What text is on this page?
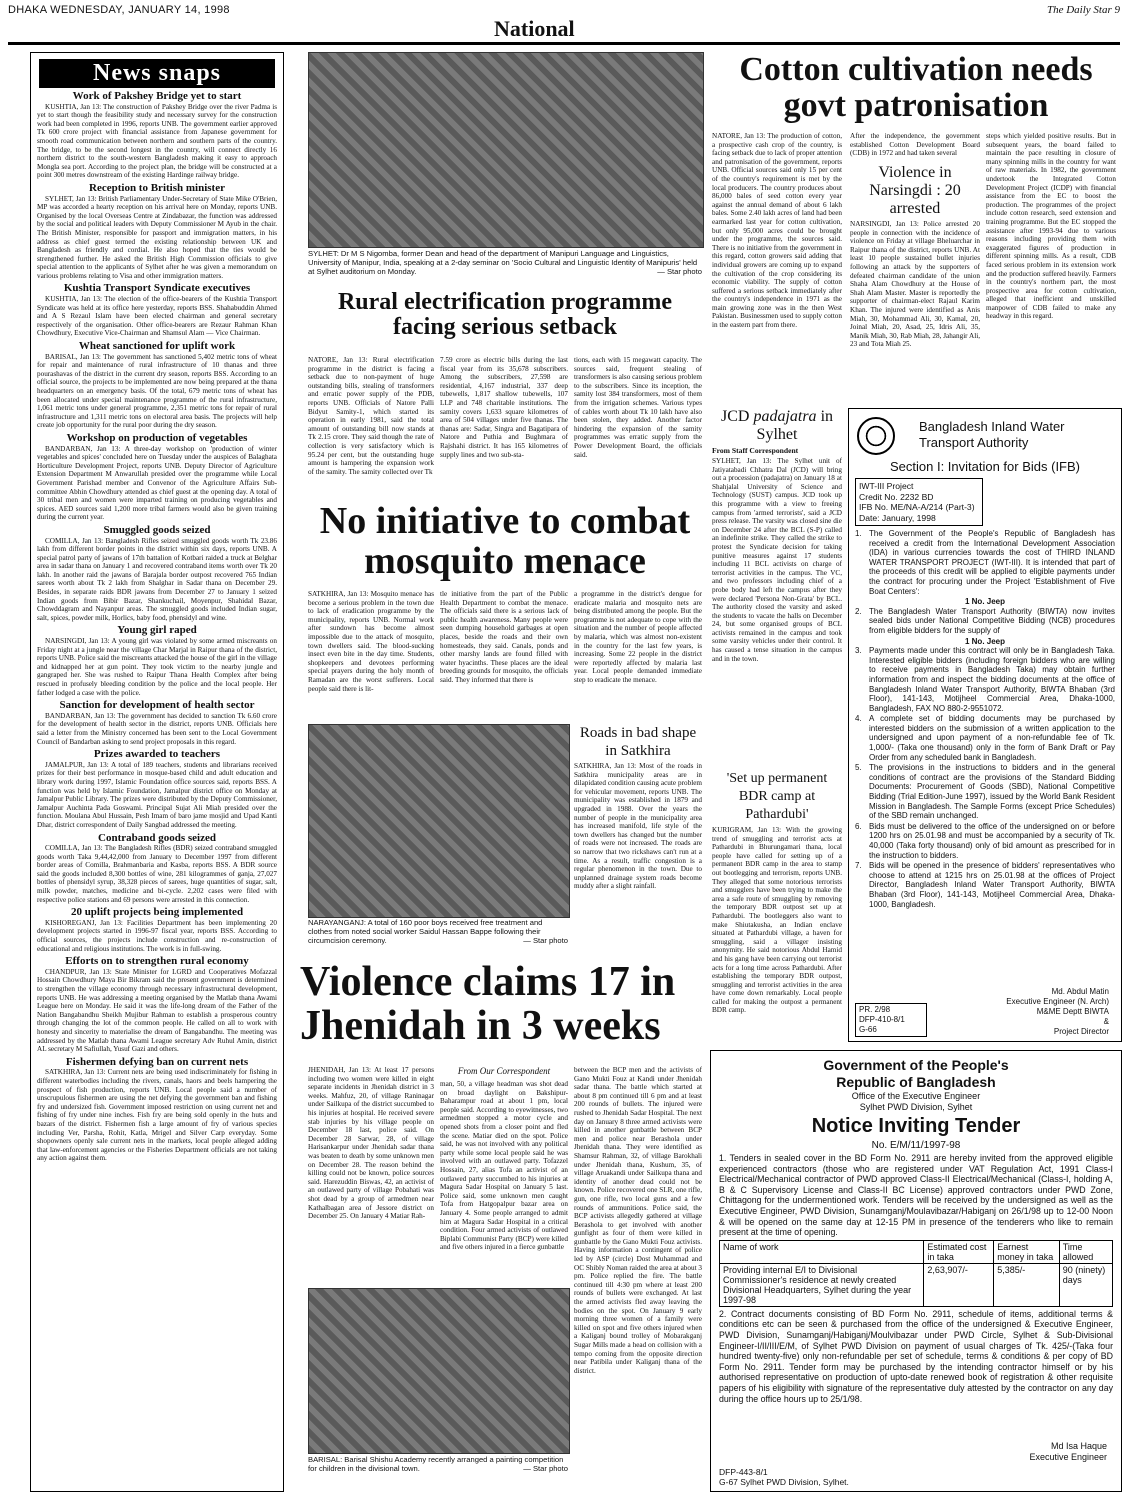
DHAKA WEDNESDAY, JANUARY 14, 1998
National
The Daily Star 9
News snaps
Work of Pakshey Bridge yet to start

KUSHTIA, Jan 13: The construction of Pakshey Bridge over the river Padma is yet to start though the feasibility study and necessary survey for the construction work had been completed in 1996, reports UNB. The government earlier approved Tk 600 crore project with financial assistance from Japanese government for smooth road communication between northern and southern parts of the country. The bridge, to be the second longest in the country, will connect directly 16 northern district to the south-western Bangladesh making it easy to approach Mongla sea port. According to the project plan, the bridge will be constructed at a point 300 metres downstream of the existing Hardinge railway bridge.

Reception to British minister

SYLHET, Jan 13: British Parliamentary Under-Secretary of State Mike O'Brien, MP was accorded a hearty reception on his arrival here on Monday, reports UNB. Organised by the local Overseas Centre at Zindabazar, the function was addressed by the social and political leaders with Deputy Commissioner M Ayub in the chair. The British Minister, responsible for passport and immigration matters, in his address as chief guest termed the existing relationship between UK and Bangladesh as friendly and cordial. He also hoped that the ties would be strengthened further. He asked the British High Commission officials to give special attention to the applicants of Sylhet after he was given a memorandum on various problems relating to Visa and other immigration matters.

Kushtia Transport Syndicate executives

KUSHTIA, Jan 13: The election of the office-bearers of the Kushtia Transport Syndicate was held at its office here yesterday, reports BSS. Shahabuddin Ahmed and A S Rezaul Islam have been elected chairman and general secretary respectively of the organisation. Other office-bearers are Rezaur Rahman Khan Chowdhury, Executive Vice-Chairman and Shamsul Alam — Vice Chairman.

Wheat sanctioned for uplift work

BARISAL, Jan 13: The government has sanctioned 5,402 metric tons of wheat for repair and maintenance of rural infrastructure of 10 thanas and three pourashavas of the district in the current dry season, reports BSS. According to an official source, the projects to be implemented are now being prepared at the thana headquarters on an emergency basis. Of the total, 679 metric tons of wheat has been allocated under special maintenance programme of the rural infrastructure, 1,061 metric tons under general programme, 2,351 metric tons for repair of rural infrastructure and 1,311 metric tons on electoral area basis. The projects will help create job opportunity for the rural poor during the dry season.

Workshop on production of vegetables

BANDARBAN, Jan 13: A three-day workshop on 'production of winter vegetables and spices' concluded here on Tuesday under the auspices of Balaghata Horticulture Development Project, reports UNB. Deputy Director of Agriculture Extension Department M Anwarullah presided over the programme while Local Government Parishad member and Convenor of the Agriculture Affairs Sub-committee Abhin Chowdhury attended as chief guest at the opening day. A total of 30 tribal men and women were imparted training on producing vegetables and spices. AED sources said 1,200 more tribal farmers would also be given training during the current year.

Smuggled goods seized

COMILLA, Jan 13: Bangladesh Rifles seized smuggled goods worth Tk 23.86 lakh from different border points in the district within six days, reports UNB. A special patrol party of jawans of 17th battalion of Kotbari raided a truck at Belghar area in sadar thana on January 1 and recovered contraband items worth over Tk 20 lakh. In another raid the jawans of Barajala border outpost recovered 765 Indian sarees worth about Tk 2 lakh from Shalghar in Sadar thana on December 29. Besides, in separate raids BDR jawans from December 27 to January 1 seized Indian goods from Bibir Bazar, Shankuchail, Moyenpur, Shahidal Bazar, Chowddagram and Nayanpur areas. The smuggled goods included Indian sugar, salt, spices, powder milk, Horlics, baby food, phensidyl and wine.

Young girl raped

NARSINGDI, Jan 13: A young girl was violated by some armed miscreants on Friday night at a jungle near the village Char Marjal in Raipur thana of the district, reports UNB. Police said the miscreants attacked the house of the girl in the village and kidnapped her at gun point. They took victim to the nearby jungle and gangraped her. She was rushed to Raipur Thana Health Complex after being rescued in profusely bleeding condition by the police and the local people. Her father lodged a case with the police.

Sanction for development of health sector

BANDARBAN, Jan 13: The government has decided to sanction Tk 6.60 crore for the development of health sector in the district, reports UNB. Officials here said a letter from the Ministry concerned has been sent to the Local Government Council of Bandarban asking to send project proposals in this regard.

Prizes awarded to teachers

JAMALPUR, Jan 13: A total of 189 teachers, students and librarians received prizes for their best performance in mosque-based child and adult education and library work during 1997, Islamic Foundation office sources said, reports BSS. A function was held by Islamic Foundation, Jamalpur district office on Monday at Jamalpur Public Library. The prizes were distributed by the Deputy Commissioner, Jamalpur Auchinta Pada Goswami. Principal Sujat Ali Miah presided over the function. Moulana Abul Hussain, Pesh Imam of baro jame mosjid and Upad Kanti Dhar, district correspondent of Daily Sangbad addressed the meeting.

Contraband goods seized

COMILLA, Jan 13: The Bangladesh Rifles (BDR) seized contraband smuggled goods worth Taka 9,44,42,000 from January to December 1997 from different border areas of Comilla, Brahmanbaria and Kasba, reports BSS. A BDR source said the goods included 8,300 bottles of wine, 281 kilogrammes of ganja, 27,027 bottles of phensidyl syrup, 38,328 pieces of sarees, huge quantities of sugar, salt, milk powder, matches, medicine and bi-cycle. 2,202 cases were filed with respective police stations and 69 persons were arrested in this connection.

20 uplift projects being implemented

KISHOREGANJ, Jan 13: Facilities Department has been implementing 20 development projects started in 1996-97 fiscal year, reports BSS. According to official sources, the projects include construction and re-construction of educational and religious institutions. The work is in full-swing.

Efforts on to strengthen rural economy

CHANDPUR, Jan 13: State Minister for LGRD and Cooperatives Mofazzal Hossain Chowdhury Maya Bir Bikram said the present government is determined to strengthen the village economy through necessary infrastructural development, reports UNB. He was addressing a meeting organised by the Matlab thana Awami League here on Monday. He said it was the life-long dream of the Father of the Nation Bangabandhu Sheikh Mujibur Rahman to establish a prosperous country through changing the lot of the common people. He called on all to work with honesty and sincerity to materialise the dream of Bangabandhu. The meeting was addressed by the Matlab thana Awami League secretary Adv Ruhul Amin, district AL secretary M Safiullah, Yusuf Gazi and others.

Fishermen defying ban on current nets

SATKHIRA, Jan 13: Current nets are being used indiscriminately for fishing in different waterbodies including the rivers, canals, haors and beels hampering the prospect of fish production, reports UNB. Local people said a number of unscrupulous fishermen are using the net defying the government ban and fishing fry and undersized fish. Government imposed restriction on using current net and fishing of fry under nine inches. Fish fry are being sold openly in the huts and bazars of the district. Fishermen fish a large amount of fry of various species including Ver, Parsha, Rohit, Katla, Mrigel and Silver Carp everyday. Some shopowners openly sale current nets in the markets, local people alleged adding that law-enforcement agencies or the Fisheries Department officials are not taking any action against them.

SYLHET: Dr M S Nigomba, former Dean and head of the department of Manipuri Language and Linguistics, University of Manipur, India, speaking at a 2-day seminar on 'Socio Cultural and Linguistic Identity of Manipuris' held at Sylhet auditorium on Monday.	— Star photo
Rural electrification programme facing serious setback
NATORE, Jan 13: Rural electrification programme in the district is facing a setback due to non-payment of huge outstanding bills, stealing of transformers and erratic power supply of the PDB, reports UNB. Officials of Natore Palli Bidyut Samity-1, which started its operation in early 1981, said the total amount of outstanding bill now stands at Tk 2.15 crore. They said though the rate of collection is very satisfactory which is 95.24 per cent, but the outstanding huge amount is hampering the expansion work of the samity. The samity collected over Tk
7.59 crore as electric bills during the last fiscal year from its 35,678 subscribers. Among the subscribers, 27,598 are residential, 4,167 industrial, 337 deep tubewells, 1,817 shallow tubewells, 107 LLP and 748 charitable institutions. The samity covers 1,633 square kilometres of area of 504 villages under five thanas. The thanas are: Sadar, Singra and Bagatipara of Natore and Puthia and Bughmara of Rajshahi district. It has 165 kilometres of supply lines and two sub-sta-
tions, each with 15 megawatt capacity. The sources said, frequent stealing of transformers is also causing serious problem to the subscribers. Since its inception, the samity lost 384 transformers, most of them from the irrigation schemes. Various types of cables worth about Tk 10 lakh have also been stolen, they added. Another factor hindering the expansion of the samity programmes was erratic supply from the Power Development Board, the officials said.
No initiative to combat mosquito menace
SATKHIRA, Jan 13: Mosquito menace has become a serious problem in the town due to lack of eradication programme by the municipality, reports UNB. Normal work after sundown has become almost impossible due to the attack of mosquito, town dwellers said. The blood-sucking insect even bite in the day time. Students, shopkeepers and devotees performing special prayers during the holy month of Ramadan are the worst sufferers. Local people said there is lit-
tle initiative from the part of the Public Health Department to combat the menace. The officials said there is a serious lack of public health awareness. Many people were seen dumping household garbages at open places, beside the roads and their own homesteads, they said. Canals, ponds and other marshy lands are found filled with water hyacinths. These places are the ideal breeding grounds for mosquito, the officials said. They informed that there is
a programme in the district's dengue for eradicate malaria and mosquito nets are being distributed among the people. But the programme is not adequate to cope with the situation and the number of people affected by malaria, which was almost non-existent in the country for the last few years, is increasing. Some 22 people in the district were reportedly affected by malaria last year. Local people demanded immediate step to eradicate the menace.
NARAYANGANJ: A total of 160 poor boys received free treatment and clothes from noted social worker Saidul Hassan Bappe following their circumcision ceremony.	— Star photo
Roads in bad shape in Satkhira
SATKHIRA, Jan 13: Most of the roads in Satkhira municipality areas are in dilapidated condition causing acute problem for vehicular movement, reports UNB. The municipality was established in 1879 and upgraded in 1988. Over the years the number of people in the municipality area has increased manifold, life style of the town dwellers has changed but the number of roads were not increased. The roads are so narrow that two rickshaws can't run at a time. As a result, traffic congestion is a regular phenomenon in the town. Due to unplanned drainage system roads become muddy after a slight rainfall.
Violence claims 17 in Jhenidah in 3 weeks
From Our Correspondent
JHENIDAH, Jan 13: At least 17 persons including two women were killed in eight separate incidents in Jhenidah district in 3 weeks. Mahfuz, 20, of village Raninagar under Sailkupa of the district succumbed to his injuries at hospital. He received severe stab injuries by his village people on December 18 last, police said. On December 28 Sarwar, 28, of village Harisankarpur under Jhenidah sadar thana was beaten to death by some unknown men on December 28. The reason behind the killing could not be known, police sources said. Harezuddin Biswas, 42, an activist of an outlawed party of village Pobahati was shot dead by a group of armedmen near Kathalbagan area of Jessore district on December 25. On January 4 Matiar Rah-
man, 50, a village headman was shot dead on broad daylight on Bakshipur-Baharampur road at about 1 pm, local people said. According to eyewitnesses, two armedmen stopped a motor cycle and opened shots from a closer point and fled the scene. Matiar died on the spot. Police said, he was not involved with any political party while some local people said he was involved with an outlawed party. Tofazzel Hossain, 27, alias Tofa an activist of an outlawed party succumbed to his injuries at Magura Sadar Hospital on January 5 last. Police said, some unknown men caught Tofa from Hatgopalpur bazar area on January 4. Some people arranged to admit him at Magura Sadar Hospital in a critical condition. Four armed activists of outlawed Biplabi Communist Party (BCP) were killed and five others injured in a fierce gunbattle
between the BCP men and the activists of Gano Mukti Fouz at Kandi under Jhenidah sadar thana. The battle which started at about 8 pm continued till 6 pm and at least 200 rounds of bullets. The injured were rushed to Jhenidah Sadar Hospital. The next day on January 8 three armed activists were killed in another gunbattle between BCP men and police near Berashola under Jhenidah thana. They were identified as Shamsur Rahman, 32, of village Barokhali under Jhenidah thana, Kushum, 35, of village Aruakandi under Sailkupa thana and identity of another dead could not be known. Police recovered one SLR, one rifle, gun, one rifle, two local guns and a few rounds of ammunitions. Police said, the BCP activists allegedly gathered at village Berashola to get involved with another gunfight as four of them were killed in gunbattle by the Gano Mukti Fouz activists. Having information a contingent of police led by ASP (circle) Dost Muhammad and OC Shibly Noman raided the area at about 3 pm. Police replied the fire. The battle continued till 4:30 pm where at least 200 rounds of bullets were exchanged. At last the armed activists fled away leaving the bodies on the spot. On January 9 early morning three women of a family were killed on spot and five others injured when a Kaliganj bound trolley of Mobarakganj Sugar Mills made a head on collision with a tempo coming from the opposite direction near Patibila under Kaliganj thana of the district.
BARISAL: Barisal Shishu Academy recently arranged a painting competition for children in the divisional town.	— Star photo
Cotton cultivation needs govt patronisation
NATORE, Jan 13: The production of cotton, a prospective cash crop of the country, is facing setback due to lack of proper attention and patronisation of the government, reports UNB. Official sources said only 15 per cent of the country's requirement is met by the local producers. The country produces about 86,000 bales of seed cotton every year against the annual demand of about 6 lakh bales. Some 2.40 lakh acres of land had been earmarked last year for cotton cultivation, but only 95,000 acres could be brought under the programme, the sources said. There is no initiative from the government in this regard, cotton growers said adding that individual growers are coming up to expand the cultivation of the crop considering its economic viability. The supply of cotton suffered a serious setback immediately after the country's independence in 1971 as the main growing zone was in the then West Pakistan. Businessmen used to supply cotton in the eastern part from there.
After the independence, the government established Cotton Development Board (CDB) in 1972 and had taken several
steps which yielded positive results. But in subsequent years, the board failed to maintain the pace resulting in closure of many spinning mills in the country for want of raw materials. In 1982, the government undertook the Integrated Cotton Development Project (ICDP) with financial assistance from the EC to boost the production. The programmes of the project include cotton research, seed extension and training programme. But the EC stopped the assistance after 1993-94 due to various reasons including providing them with exaggerated figures of production in different spinning mills. As a result, CDB faced serious problem in its extension work and the production suffered heavily. Farmers in the country's northern part, the most prospective area for cotton cultivation, alleged that inefficient and unskilled manpower of CDB failed to make any headway in this regard.
Violence in Narsingdi : 20 arrested
NARSINGDI, Jan 13: Police arrested 20 people in connection with the incidence of violence on Friday at village Bheluarchar in Raipur thana of the district, reports UNB. At least 10 people sustained bullet injuries following an attack by the supporters of defeated chairman candidate of the union Shaha Alam Chowdhury at the House of Shah Alam Master. Master is reportedly the supporter of chairman-elect Rajaul Karim Khan. The injured were identified as Anis Miah, 30, Mohammad Ali, 30, Kamal, 20, Joinal Miah, 20, Asad, 25, Idris Ali, 35, Manik Miah, 30, Rab Miah, 28, Jahangir Ali, 23 and Tota Miah 25.
JCD padajatra in Sylhet
From Staff Correspondent
SYLHET, Jan 13: The Sylhet unit of Jatiyatabadi Chhatra Dal (JCD) will bring out a procession (padajatra) on January 18 at Shahjalal University of Science and Technology (SUST) campus. JCD took up this programme with a view to freeing campus from 'armed terrorists', said a JCD press release. The varsity was closed sine die on December 24 after the BCL (S-P) called an indefinite strike. They called the strike to protest the Syndicate decision for taking punitive measures against 17 students including 11 BCL activists on charge of terrorist activities in the campus. The VC, and two professors including chief of a probe body had left the campus after they were declared 'Persona Non-Grata' by BCL. The authority closed the varsity and asked the students to vacate the halls on December 24, but some organised groups of BCL activists remained in the campus and took some varsity vehicles under their control. It has caused a tense situation in the campus and in the town.
'Set up permanent BDR camp at Pathardubi'
KURIGRAM, Jan 13: With the growing trend of smuggling and terrorist acts at Pathardubi in Bhurungamari thana, local people have called for setting up of a permanent BDR camp in the area to stamp out bootlegging and terrorism, reports UNB. They alleged that some notorious terrorists and smugglers have been trying to make the area a safe route of smuggling by removing the temporary BDR outpost set up at Pathardubi. The bootleggers also want to make Shiutakusha, an Indian enclave situated at Pathardubi village, a haven for smuggling, said a villager insisting anonymity. He said notorious Abdul Hamid and his gang have been carrying out terrorist acts for a long time across Pathardubi. After establishing the temporary BDR outpost, smuggling and terrorist activities in the area have come down remarkably. Local people called for making the outpost a permanent BDR camp.
Bangladesh Inland Water
Transport Authority
Section I: Invitation for Bids (IFB)
IWT-III Project
Credit No. 2232 BD
IFB No. ME/NA-A/214 (Part-3)
Date: January, 1998
1. The Government of the People's Republic of Bangladesh has received a credit from the International Development Association (IDA) in various currencies towards the cost of THIRD INLAND WATER TRANSPORT PROJECT (IWT-III). It is intended that part of the proceeds of this credit will be applied to eligible payments under the contract for procuring under the Project 'Establishment of Five Boat Centers':
1 No. Jeep
2. The Bangladesh Water Transport Authority (BIWTA) now invites sealed bids under National Competitive Bidding (NCB) procedures from eligible bidders for the supply of
1 No. Jeep
3. Payments made under this contract will only be in Bangladesh Taka. Interested eligible bidders (including foreign bidders who are willing to receive payments in Bangladesh Taka) may obtain further information from and inspect the bidding documents at the office of Bangladesh Inland Water Transport Authority, BIWTA Bhaban (3rd Floor), 141-143, Motijheel Commercial Area, Dhaka-1000, Bangladesh, FAX NO 880-2-9551072.
4. A complete set of bidding documents may be purchased by interested bidders on the submission of a written application to the undersigned and upon payment of a non-refundable fee of Tk. 1,000/- (Taka one thousand) only in the form of Bank Draft or Pay Order from any scheduled bank in Bangladesh.
5. The provisions in the instructions to bidders and in the general conditions of contract are the provisions of the Standard Bidding Documents: Procurement of Goods (SBD), National Competitive Bidding (Trial Edition-June 1997), issued by the World Bank Resident Mission in Bangladesh. The Sample Forms (except Price Schedules) of the SBD remain unchanged.
6. Bids must be delivered to the office of the undersigned on or before 1200 hrs on 25.01.98 and must be accompanied by a security of Tk. 40,000 (Taka forty thousand) only of bid amount as prescribed for in the instruction to bidders.
7. Bids will be opened in the presence of bidders' representatives who choose to attend at 1215 hrs on 25.01.98 at the offices of Project Director, Bangladesh Inland Water Transport Authority, BIWTA Bhaban (3rd Floor), 141-143, Motijheel Commercial Area, Dhaka-1000, Bangladesh.
PR. 2/98
DFP-410-8/1
G-66
Md. Abdul Matin
Executive Engineer (N. Arch)
M&ME Deptt BIWTA
&
Project Director
Government of the People's
Republic of Bangladesh
Office of the Executive Engineer
Sylhet PWD Division, Sylhet
Notice Inviting Tender
No. E/M/11/1997-98
1. Tenders in sealed cover in the BD Form No. 2911 are hereby invited from the approved eligible experienced contractors (those who are registered under VAT Regulation Act, 1991 Class-I Electrical/Mechanical contractor of PWD approved Class-II Electrical/Mechanical (Class-I, holding A, B & C Supervisory License and Class-II BC License) approved contractors under PWD Zone, Chittagong for the undermentioned work. Tenders will be received by the undersigned as well as the Executive Engineer, PWD Division, Sunamganj/Moulavibazar/Habiganj on 26/1/98 up to 12-00 Noon & will be opened on the same day at 12-15 PM in presence of the tenderers who like to remain present at the time of opening.
Name of work	Estimated cost in taka	Earnest money in taka	Time allowed
Providing internal E/I to Divisional Commissioner's residence at newly created Divisional Headquarters, Sylhet during the year 1997-98	2,63,907/-	5,385/-	90 (ninety) days
2. Contract documents consisting of BD Form No. 2911, schedule of items, additional terms & conditions etc can be seen & purchased from the office of the undersigned & Executive Engineer, PWD Division, Sunamganj/Habiganj/Moulvibazar under PWD Circle, Sylhet & Sub-Divisional Engineer-I/II/III/E/M, of Sylhet PWD Division on payment of usual charges of Tk. 425/-(Taka four hundred twenty-five) only non-refundable per set of schedule, terms & conditions & per copy of BD Form No. 2911. Tender form may be purchased by the intending contractor himself or by his authorised representative on production of upto-date renewed book of registration & other requisite papers of his eligibility with signature of the representative duly attested by the contractor on any day during the office hours up to 25/1/98.
Md Isa Haque
Executive Engineer
DFP-443-8/1
G-67 Sylhet PWD Division, Sylhet.
